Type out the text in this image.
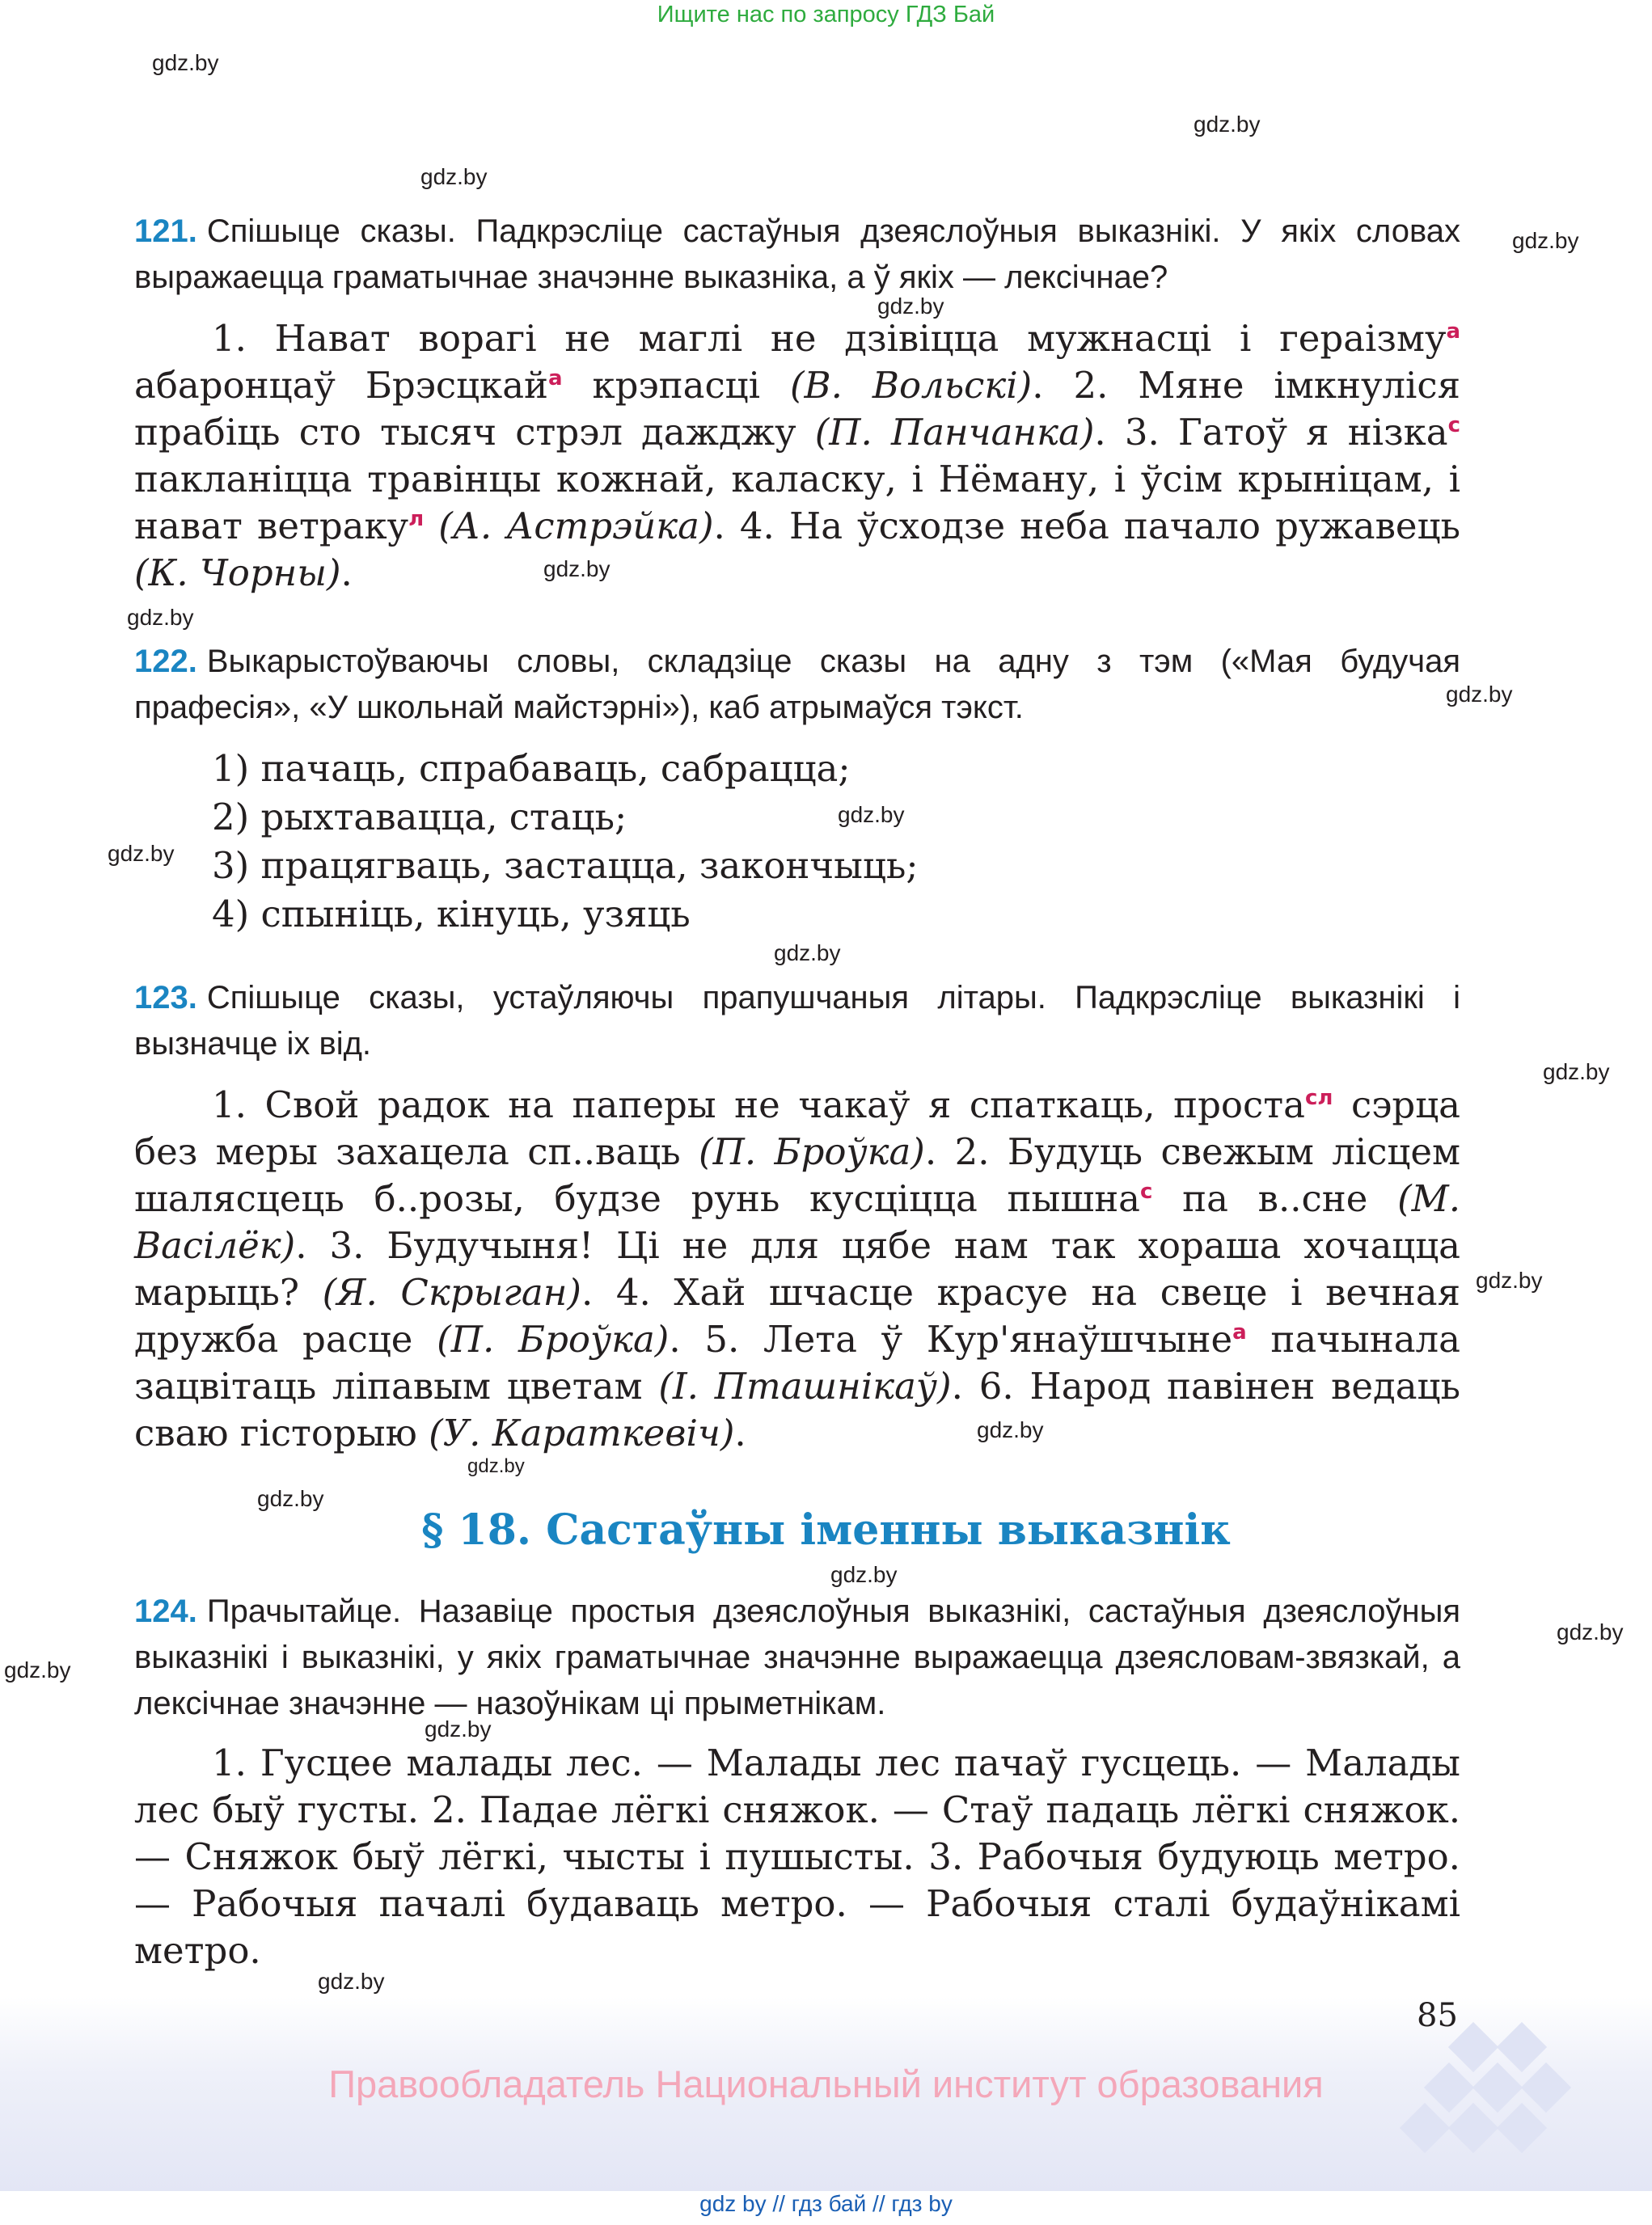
Ищите нас по запросу ГДЗ Бай
gdz.by
gdz.by
gdz.by
gdz.by
gdz.by
gdz.by
gdz.by
gdz.by
gdz.by
gdz.by
gdz.by
gdz.by
gdz.by
gdz.by
gdz.by
gdz.by
gdz.by
gdz.by
gdz.by
gdz.by
gdz.by
121. Спішыце сказы. Падкрэсліце састаўныя дзеяслоўныя выказнікі. У якіх словах выражаецца граматычнае значэнне выказніка, а ў якіх — лексічнае?
1. Нават ворагі не маглі не дзівіцца мужнасці і гераізму$^а$ абаронцаў Брэсцкай$^а$ крэпасці (В. Вольскі). 2. Мяне імкнуліся прабіць сто тысяч стрэл дажджу (П. Панчанка). 3. Гатоў я нізка$^с$ пакланіцца травінцы кожнай, каласку, і Нёману, і ўсім крыніцам, і нават ветраку$^л$ (А. Астрэйка). 4. На ўсходзе неба пачало ружавець (К. Чорны).
122. Выкарыстоўваючы словы, складзіце сказы на адну з тэм («Мая будучая прафесія», «У школьнай майстэрні»), каб атрымаўся тэкст.
1) пачаць, спрабаваць, сабрацца;
2) рыхтавацца, стаць;
3) працягваць, застацца, закончыць;
4) спыніць, кінуць, узяць
123. Спішыце сказы, устаўляючы прапушчаныя літары. Падкрэсліце выказнікі і вызначце іх від.
1. Свой радок на паперы не чакаў я спаткаць, проста$^{сл}$ сэрца без меры захацела сп..ваць (П. Броўка). 2. Будуць свежым лісцем шалясцець б..розы, будзе рунь кусціцца пышна$^с$ па в..сне (М. Васілёк). 3. Будучыня! Ці не для цябе нам так хораша хочацца марыць? (Я. Скрыган). 4. Хай шчасце красуе на свеце і вечная дружба расце (П. Броўка). 5. Лета ў Кур'янаўшчыне$^а$ пачынала зацвітаць ліпавым цветам (І. Пташнікаў). 6. Народ павінен ведаць сваю гісторыю (У. Караткевіч).
§ 18. Састаўны іменны выказнік
124. Прачытайце. Назавіце простыя дзеяслоўныя выказнікі, састаўныя дзеяслоўныя выказнікі і выказнікі, у якіх граматычнае значэнне выражаецца дзеясловам-звязкай, а лексічнае значэнне — назоўнікам ці прыметнікам.
1. Гусцее малады лес. — Малады лес пачаў гусцець. — Малады лес быў густы. 2. Падае лёгкі сняжок. — Стаў падаць лёгкі сняжок. — Сняжок быў лёгкі, чысты і пушысты. 3. Рабочыя будуюць метро. — Рабочыя пачалі будаваць метро. — Рабочыя сталі будаўнікамі метро.
85
Правообладатель Национальный институт образования
gdz by // гдз бай // гдз by
